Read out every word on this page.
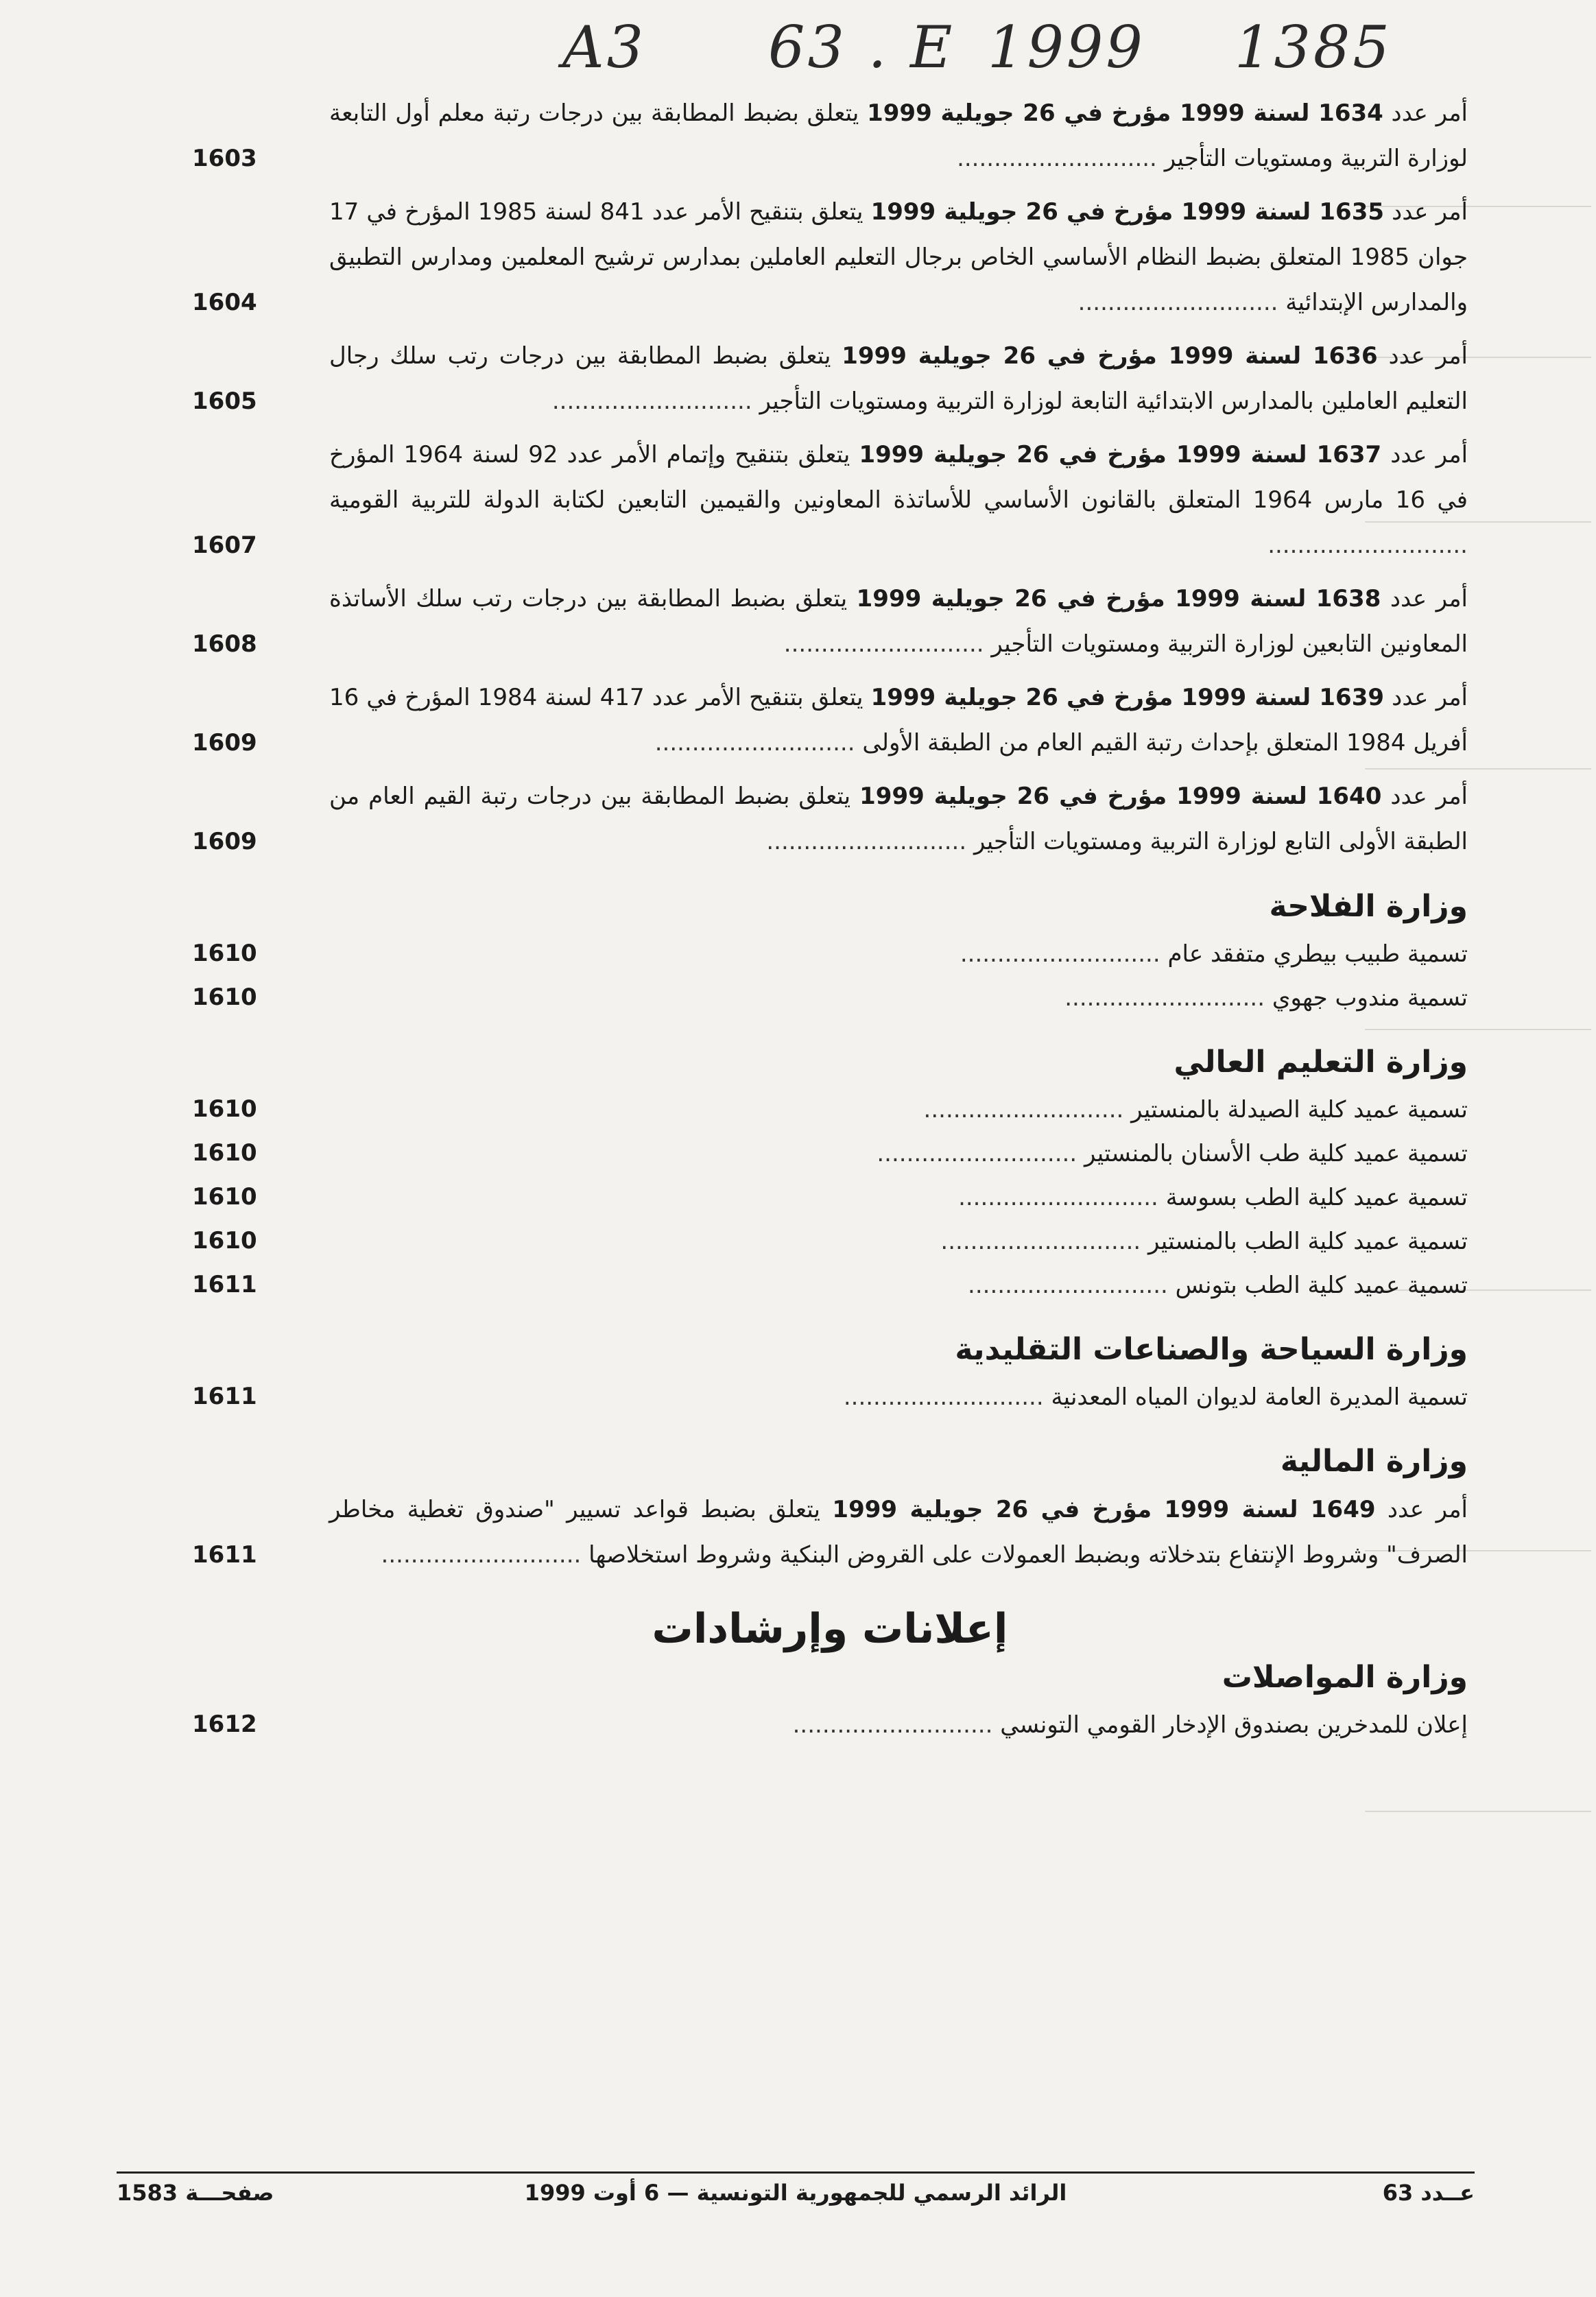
A3 63 . E 1999 1385
أمر عدد 1634 لسنة 1999 مؤرخ في 26 جويلية 1999 يتعلق بضبط المطابقة بين درجات رتبة معلم أول التابعة لوزارة التربية ومستويات التأجير ...........................
1603
أمر عدد 1635 لسنة 1999 مؤرخ في 26 جويلية 1999 يتعلق بتنقيح الأمر عدد 841 لسنة 1985 المؤرخ في 17 جوان 1985 المتعلق بضبط النظام الأساسي الخاص برجال التعليم العاملين بمدارس ترشيح المعلمين ومدارس التطبيق والمدارس الإبتدائية ...........................
1604
أمر عدد 1636 لسنة 1999 مؤرخ في 26 جويلية 1999 يتعلق بضبط المطابقة بين درجات رتب سلك رجال التعليم العاملين بالمدارس الابتدائية التابعة لوزارة التربية ومستويات التأجير ...........................
1605
أمر عدد 1637 لسنة 1999 مؤرخ في 26 جويلية 1999 يتعلق بتنقيح وإتمام الأمر عدد 92 لسنة 1964 المؤرخ في 16 مارس 1964 المتعلق بالقانون الأساسي للأساتذة المعاونين والقيمين التابعين لكتابة الدولة للتربية القومية ...........................
1607
أمر عدد 1638 لسنة 1999 مؤرخ في 26 جويلية 1999 يتعلق بضبط المطابقة بين درجات رتب سلك الأساتذة المعاونين التابعين لوزارة التربية ومستويات التأجير ...........................
1608
أمر عدد 1639 لسنة 1999 مؤرخ في 26 جويلية 1999 يتعلق بتنقيح الأمر عدد 417 لسنة 1984 المؤرخ في 16 أفريل 1984 المتعلق بإحداث رتبة القيم العام من الطبقة الأولى ...........................
1609
أمر عدد 1640 لسنة 1999 مؤرخ في 26 جويلية 1999 يتعلق بضبط المطابقة بين درجات رتبة القيم العام من الطبقة الأولى التابع لوزارة التربية ومستويات التأجير ...........................
1609
وزارة الفلاحة
تسمية طبيب بيطري متفقد عام ...........................
1610
تسمية مندوب جهوي ...........................
1610
وزارة التعليم العالي
تسمية عميد كلية الصيدلة بالمنستير ...........................
1610
تسمية عميد كلية طب الأسنان بالمنستير ...........................
1610
تسمية عميد كلية الطب بسوسة ...........................
1610
تسمية عميد كلية الطب بالمنستير ...........................
1610
تسمية عميد كلية الطب بتونس ...........................
1611
وزارة السياحة والصناعات التقليدية
تسمية المديرة العامة لديوان المياه المعدنية ...........................
1611
وزارة المالية
أمر عدد 1649 لسنة 1999 مؤرخ في 26 جويلية 1999 يتعلق بضبط قواعد تسيير "صندوق تغطية مخاطر الصرف" وشروط الإنتفاع بتدخلاته وبضبط العمولات على القروض البنكية وشروط استخلاصها ...........................
1611
إعلانات وإرشادات
وزارة المواصلات
إعلان للمدخرين بصندوق الإدخار القومي التونسي ...........................
1612
صفحـــة 1583	الرائد الرسمي للجمهورية التونسية — 6 أوت 1999	عــدد 63
